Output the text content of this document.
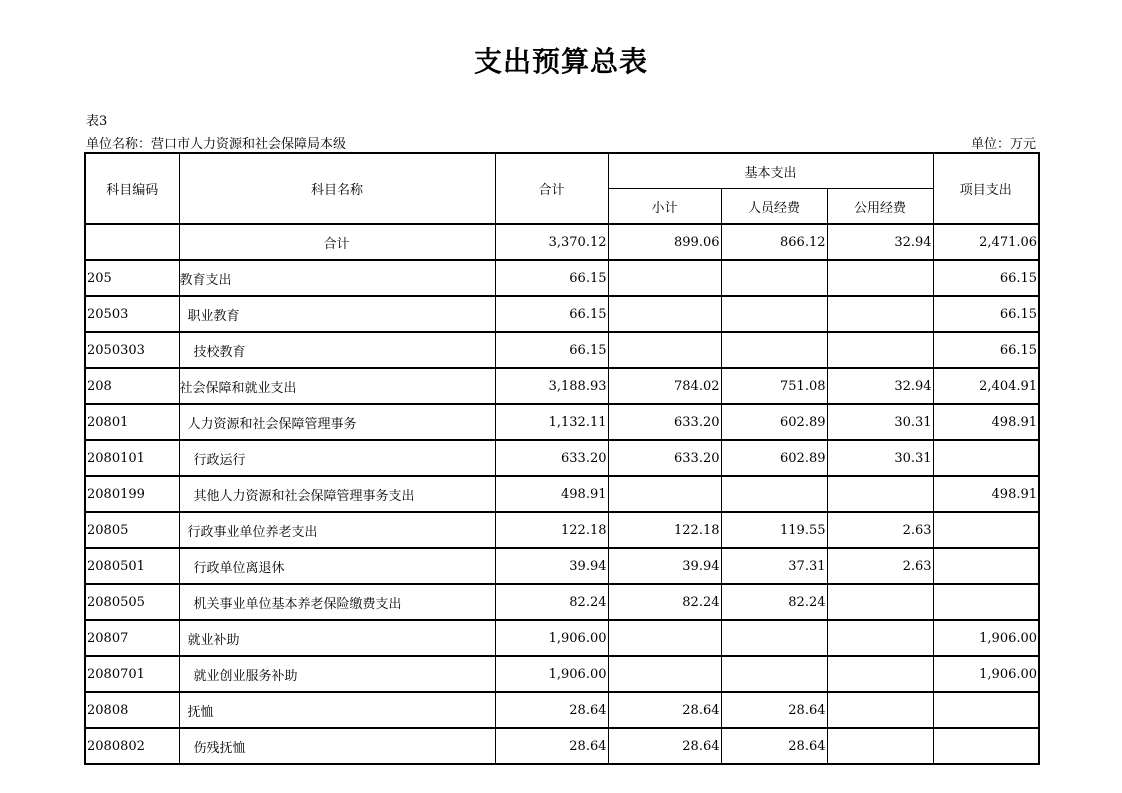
支出预算总表
表3
单位名称：营口市人力资源和社会保障局本级	单位：万元
科目编码	科目名称	合计	基本支出			项目支出
			小计	人员经费	公用经费	
	合计	3,370.12	899.06	866.12	32.94	2,471.06
205	教育支出	66.15				66.15
20503	职业教育	66.15				66.15
2050303	技校教育	66.15				66.15
208	社会保障和就业支出	3,188.93	784.02	751.08	32.94	2,404.91
20801	人力资源和社会保障管理事务	1,132.11	633.20	602.89	30.31	498.91
2080101	行政运行	633.20	633.20	602.89	30.31	
2080199	其他人力资源和社会保障管理事务支出	498.91				498.91
20805	行政事业单位养老支出	122.18	122.18	119.55	2.63	
2080501	行政单位离退休	39.94	39.94	37.31	2.63	
2080505	机关事业单位基本养老保险缴费支出	82.24	82.24	82.24		
20807	就业补助	1,906.00				1,906.00
2080701	就业创业服务补助	1,906.00				1,906.00
20808	抚恤	28.64	28.64	28.64		
2080802	伤残抚恤	28.64	28.64	28.64		
